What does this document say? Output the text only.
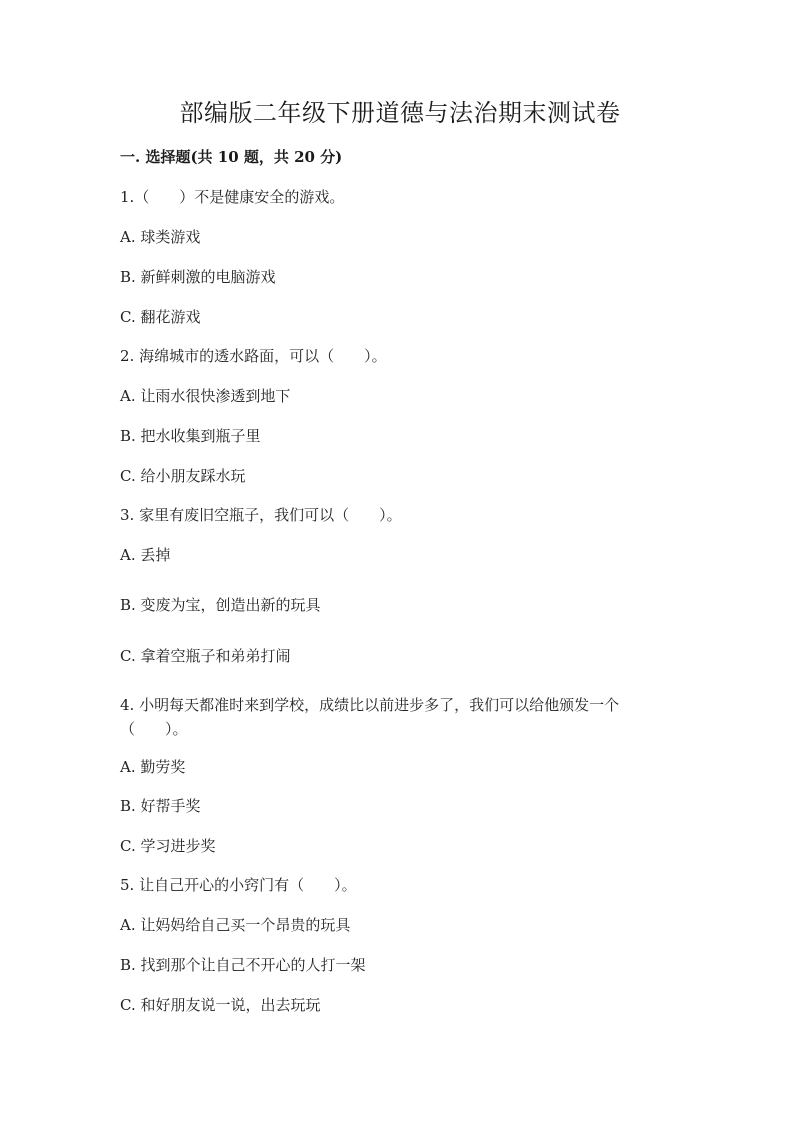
部编版二年级下册道德与法治期末测试卷
一. 选择题(共 10 题，共 20 分)
1.（　　）不是健康安全的游戏。
A. 球类游戏
B. 新鲜刺激的电脑游戏
C. 翻花游戏
2. 海绵城市的透水路面，可以（　　）。
A. 让雨水很快渗透到地下
B. 把水收集到瓶子里
C. 给小朋友踩水玩
3. 家里有废旧空瓶子，我们可以（　　）。
A. 丢掉
B. 变废为宝，创造出新的玩具
C. 拿着空瓶子和弟弟打闹
4. 小明每天都准时来到学校，成绩比以前进步多了，我们可以给他颁发一个（　　）。
A. 勤劳奖
B. 好帮手奖
C. 学习进步奖
5. 让自己开心的小窍门有（　　）。
A. 让妈妈给自己买一个昂贵的玩具
B. 找到那个让自己不开心的人打一架
C. 和好朋友说一说，出去玩玩
